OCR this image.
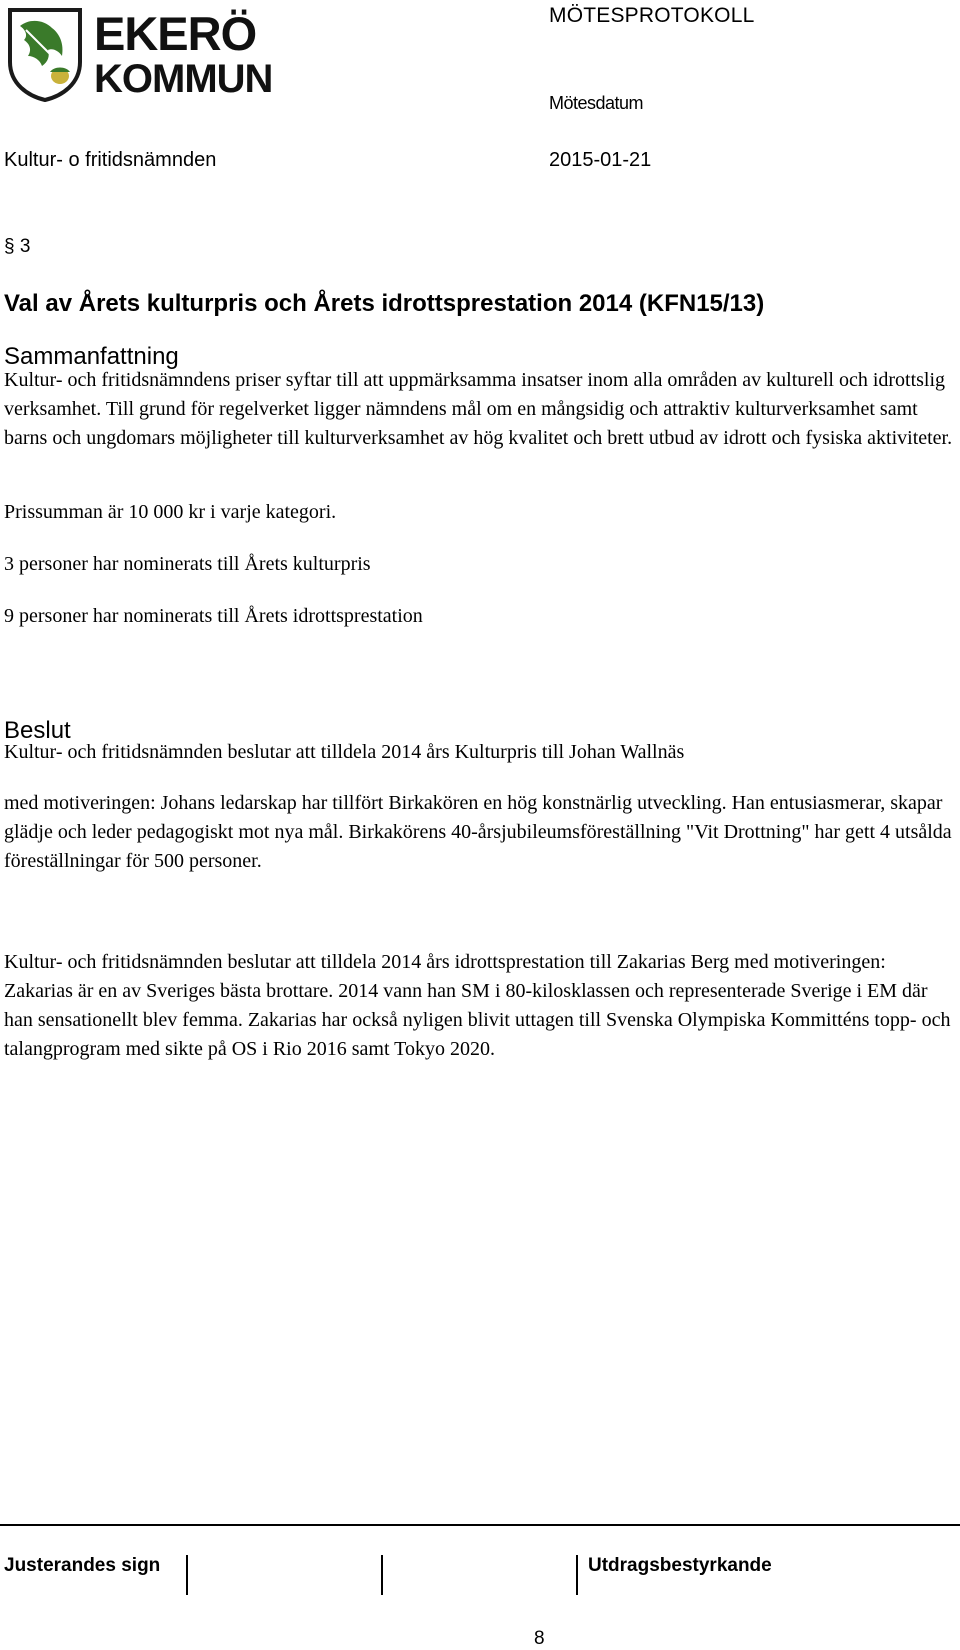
EKERÖ
KOMMUN
MÖTESPROTOKOLL
Mötesdatum
Kultur- o fritidsnämnden	2015-01-21
§ 3
Val av Årets kulturpris och Årets idrottsprestation 2014 (KFN15/13)
Sammanfattning
Kultur- och fritidsnämndens priser syftar till att uppmärksamma insatser inom alla områden av kulturell och idrottslig verksamhet. Till grund för regelverket ligger nämndens mål om en mångsidig och attraktiv kulturverksamhet samt barns och ungdomars möjligheter till kulturverksamhet av hög kvalitet och brett utbud av idrott och fysiska aktiviteter.
Prissumman är 10 000 kr i varje kategori.
3 personer har nominerats till Årets kulturpris
9 personer har nominerats till Årets idrottsprestation
Beslut
Kultur- och fritidsnämnden beslutar att tilldela 2014 års Kulturpris till Johan Wallnäs
med motiveringen: Johans ledarskap har tillfört Birkakören en hög konstnärlig utveckling. Han entusiasmerar, skapar glädje och leder pedagogiskt mot nya mål. Birkakörens 40-årsjubileumsföreställning "Vit Drottning" har gett 4 utsålda föreställningar för 500 personer.
Kultur- och fritidsnämnden beslutar att tilldela 2014 års idrottsprestation till Zakarias Berg med motiveringen: Zakarias är en av Sveriges bästa brottare. 2014 vann han SM i 80-kilosklassen och representerade Sverige i EM där han sensationellt blev femma. Zakarias har också nyligen blivit uttagen till Svenska Olympiska Kommitténs topp- och talangprogram med sikte på OS i Rio 2016 samt Tokyo 2020.
Justerandes sign	Utdragsbestyrkande
8
